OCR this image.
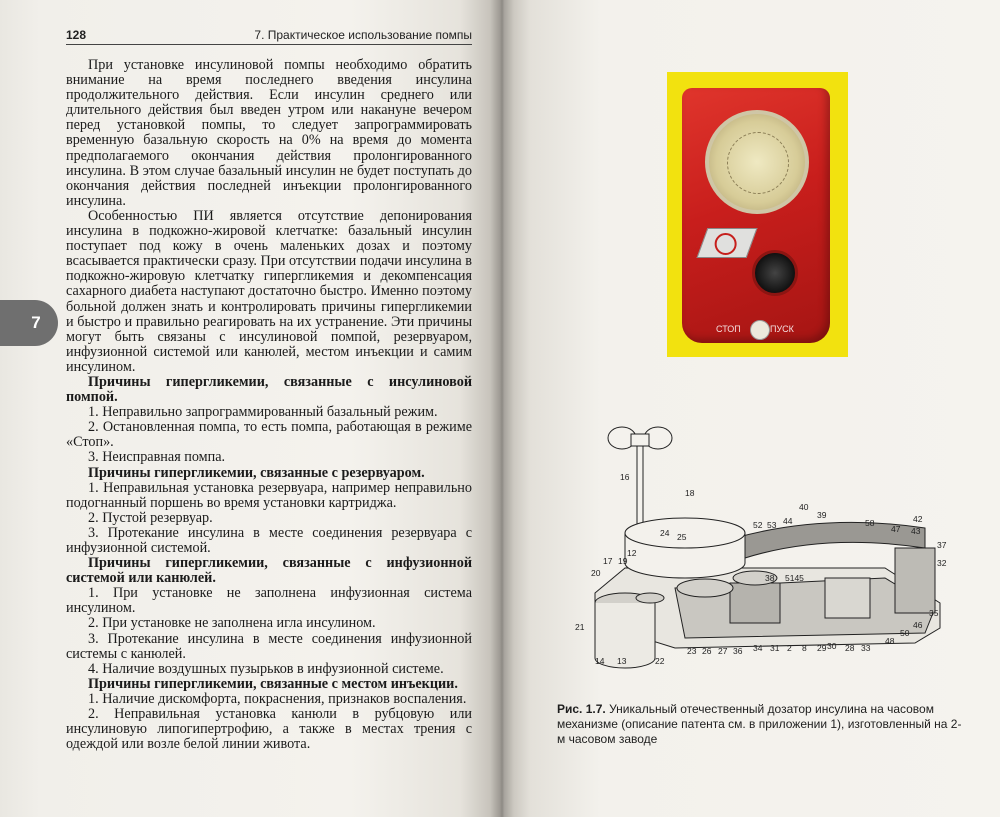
128	7. Практическое использование помпы
7

При установке инсулиновой помпы необходимо обратить внимание на время последнего введения инсулина продолжительного действия. Если инсулин среднего или длительного действия был введен утром или накануне вечером перед установкой помпы, то следует запрограммировать временную базальную скорость на 0% на время до момента предполагаемого окончания действия пролонгированного инсулина. В этом случае базальный инсулин не будет поступать до окончания действия последней инъекции пролонгированного инсулина.

Особенностью ПИ является отсутствие депонирования инсулина в подкожно-жировой клетчатке: базальный инсулин поступает под кожу в очень маленьких дозах и поэтому всасывается практически сразу. При отсутствии подачи инсулина в подкожно-жировую клетчатку гипергликемия и декомпенсация сахарного диабета наступают достаточно быстро. Именно поэтому больной должен знать и контролировать причины гипергликемии и быстро и правильно реагировать на их устранение. Эти причины могут быть связаны с инсулиновой помпой, резервуаром, инфузионной системой или канюлей, местом инъекции и самим инсулином.

Причины гипергликемии, связанные с инсулиновой помпой.

1. Неправильно запрограммированный базальный режим.

2. Остановленная помпа, то есть помпа, работающая в режиме «Стоп».

3. Неисправная помпа.

Причины гипергликемии, связанные с резервуаром.

1. Неправильная установка резервуара, например неправильно подогнанный поршень во время установки картриджа.

2. Пустой резервуар.

3. Протекание инсулина в месте соединения резервуара с инфузионной системой.

Причины гипергликемии, связанные с инфузионной системой или канюлей.

1. При установке не заполнена инфузионная система инсулином.

2. При установке не заполнена игла инсулином.

3. Протекание инсулина в месте соединения инфузионной системы с канюлей.

4. Наличие воздушных пузырьков в инфузионной системе.

Причины гипергликемии, связанные с местом инъекции.

1. Наличие дискомфорта, покраснения, признаков воспаления.

2. Неправильная установка канюли в рубцовую или инсулиновую липогипертрофию, а также в местах трения с одеждой или возле белой линии живота.

СТОП	ПУСК
16
18
52 53 44
40
39
58
47 43
42
37
32
35
46
50
48
33
28
30
29
8
2
31
34
36
27
26
23
22
13
14
21
20
17 19
12
24 25
38 5145
Рис. 1.7. Уникальный отечественный дозатор инсулина на часовом механизме (описание патента см. в приложении 1), изготовленный на 2-м часовом заводе
